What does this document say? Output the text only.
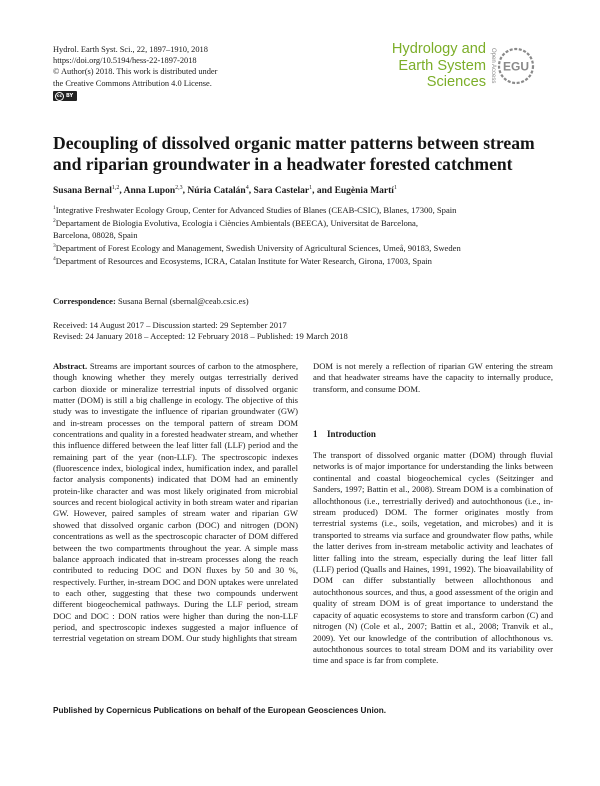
Hydrol. Earth Syst. Sci., 22, 1897–1910, 2018
https://doi.org/10.5194/hess-22-1897-2018
© Author(s) 2018. This work is distributed under
the Creative Commons Attribution 4.0 License.
cc BY
Hydrology and
Earth System
Sciences Open Access EGU
Decoupling of dissolved organic matter patterns between stream and riparian groundwater in a headwater forested catchment
Susana Bernal$^{1,2}$, Anna Lupon$^{2,3}$, Núria Catalán$^4$, Sara Castelar$^1$, and Eugènia Martí$^1$
$^1$Integrative Freshwater Ecology Group, Center for Advanced Studies of Blanes (CEAB-CSIC), Blanes, 17300, Spain
$^2$Departament de Biologia Evolutiva, Ecologia i Ciències Ambientals (BEECA), Universitat de Barcelona,
Barcelona, 08028, Spain
$^3$Department of Forest Ecology and Management, Swedish University of Agricultural Sciences, Umeå, 90183, Sweden
$^4$Department of Resources and Ecosystems, ICRA, Catalan Institute for Water Research, Girona, 17003, Spain
Correspondence: Susana Bernal (sbernal@ceab.csic.es)
Received: 14 August 2017 – Discussion started: 29 September 2017
Revised: 24 January 2018 – Accepted: 12 February 2018 – Published: 19 March 2018
Abstract. Streams are important sources of carbon to the atmosphere, though knowing whether they merely outgas terrestrially derived carbon dioxide or mineralize terrestrial inputs of dissolved organic matter (DOM) is still a big challenge in ecology. The objective of this study was to investigate the influence of riparian groundwater (GW) and in-stream processes on the temporal pattern of stream DOM concentrations and quality in a forested headwater stream, and whether this influence differed between the leaf litter fall (LLF) period and the remaining part of the year (non-LLF). The spectroscopic indexes (fluorescence index, biological index, humification index, and parallel factor analysis components) indicated that DOM had an eminently protein-like character and was most likely originated from microbial sources and recent biological activity in both stream water and riparian GW. However, paired samples of stream water and riparian GW showed that dissolved organic carbon (DOC) and nitrogen (DON) concentrations as well as the spectroscopic character of DOM differed between the two compartments throughout the year. A simple mass balance approach indicated that in-stream processes along the reach contributed to reducing DOC and DON fluxes by 50 and 30 %, respectively. Further, in-stream DOC and DON uptakes were unrelated to each other, suggesting that these two compounds underwent different biogeochemical pathways. During the LLF period, stream DOC and DOC : DON ratios were higher than during the non-LLF period, and spectroscopic indexes suggested a major influence of terrestrial vegetation on stream DOM. Our study highlights that stream
DOM is not merely a reflection of riparian GW entering the stream and that headwater streams have the capacity to internally produce, transform, and consume DOM.
1 Introduction
The transport of dissolved organic matter (DOM) through fluvial networks is of major importance for understanding the links between continental and coastal biogeochemical cycles (Seitzinger and Sanders, 1997; Battin et al., 2008). Stream DOM is a combination of allochthonous (i.e., terrestrially derived) and autochthonous (i.e., in-stream produced) DOM. The former originates mostly from terrestrial systems (i.e., soils, vegetation, and microbes) and it is transported to streams via surface and groundwater flow paths, while the latter derives from in-stream metabolic activity and leachates of litter falling into the stream, especially during the leaf litter fall (LLF) period (Qualls and Haines, 1991, 1992). The bioavailability of DOM can differ substantially between allochthonous and autochthonous sources, and thus, a good assessment of the origin and quality of stream DOM is of great importance to understand the capacity of aquatic ecosystems to store and transform carbon (C) and nitrogen (N) (Cole et al., 2007; Battin et al., 2008; Tranvik et al., 2009). Yet our knowledge of the contribution of allochthonous vs. autochthonous sources to total stream DOM and its variability over time and space is far from complete.
Published by Copernicus Publications on behalf of the European Geosciences Union.
